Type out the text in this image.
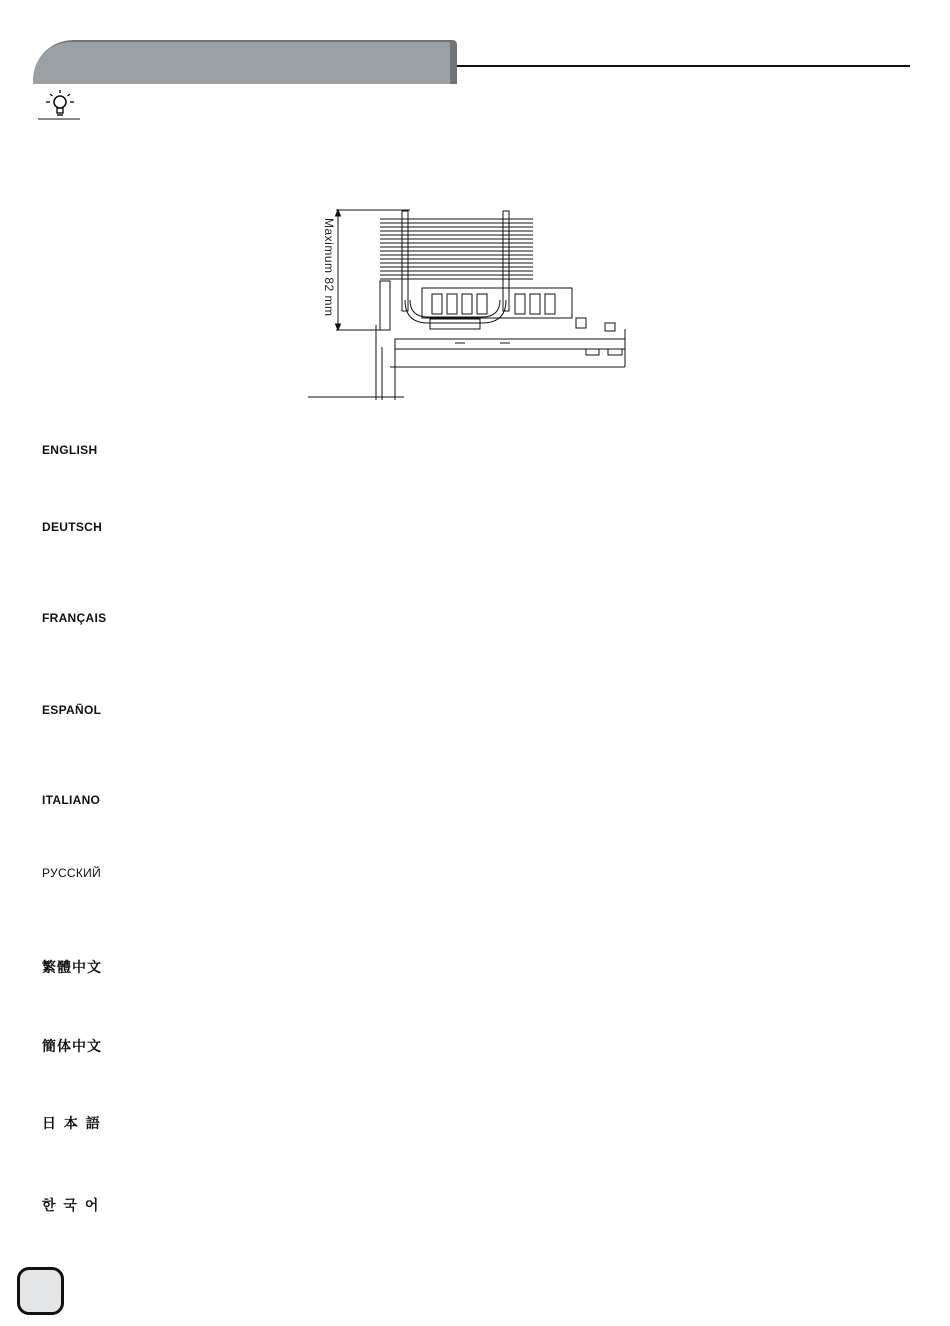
Maximum 82 mm
ENGLISH
DEUTSCH
FRANÇAIS
ESPAÑOL
ITALIANO
РУССКИЙ
繁體中文
簡体中文
日 本 語
한 국 어
